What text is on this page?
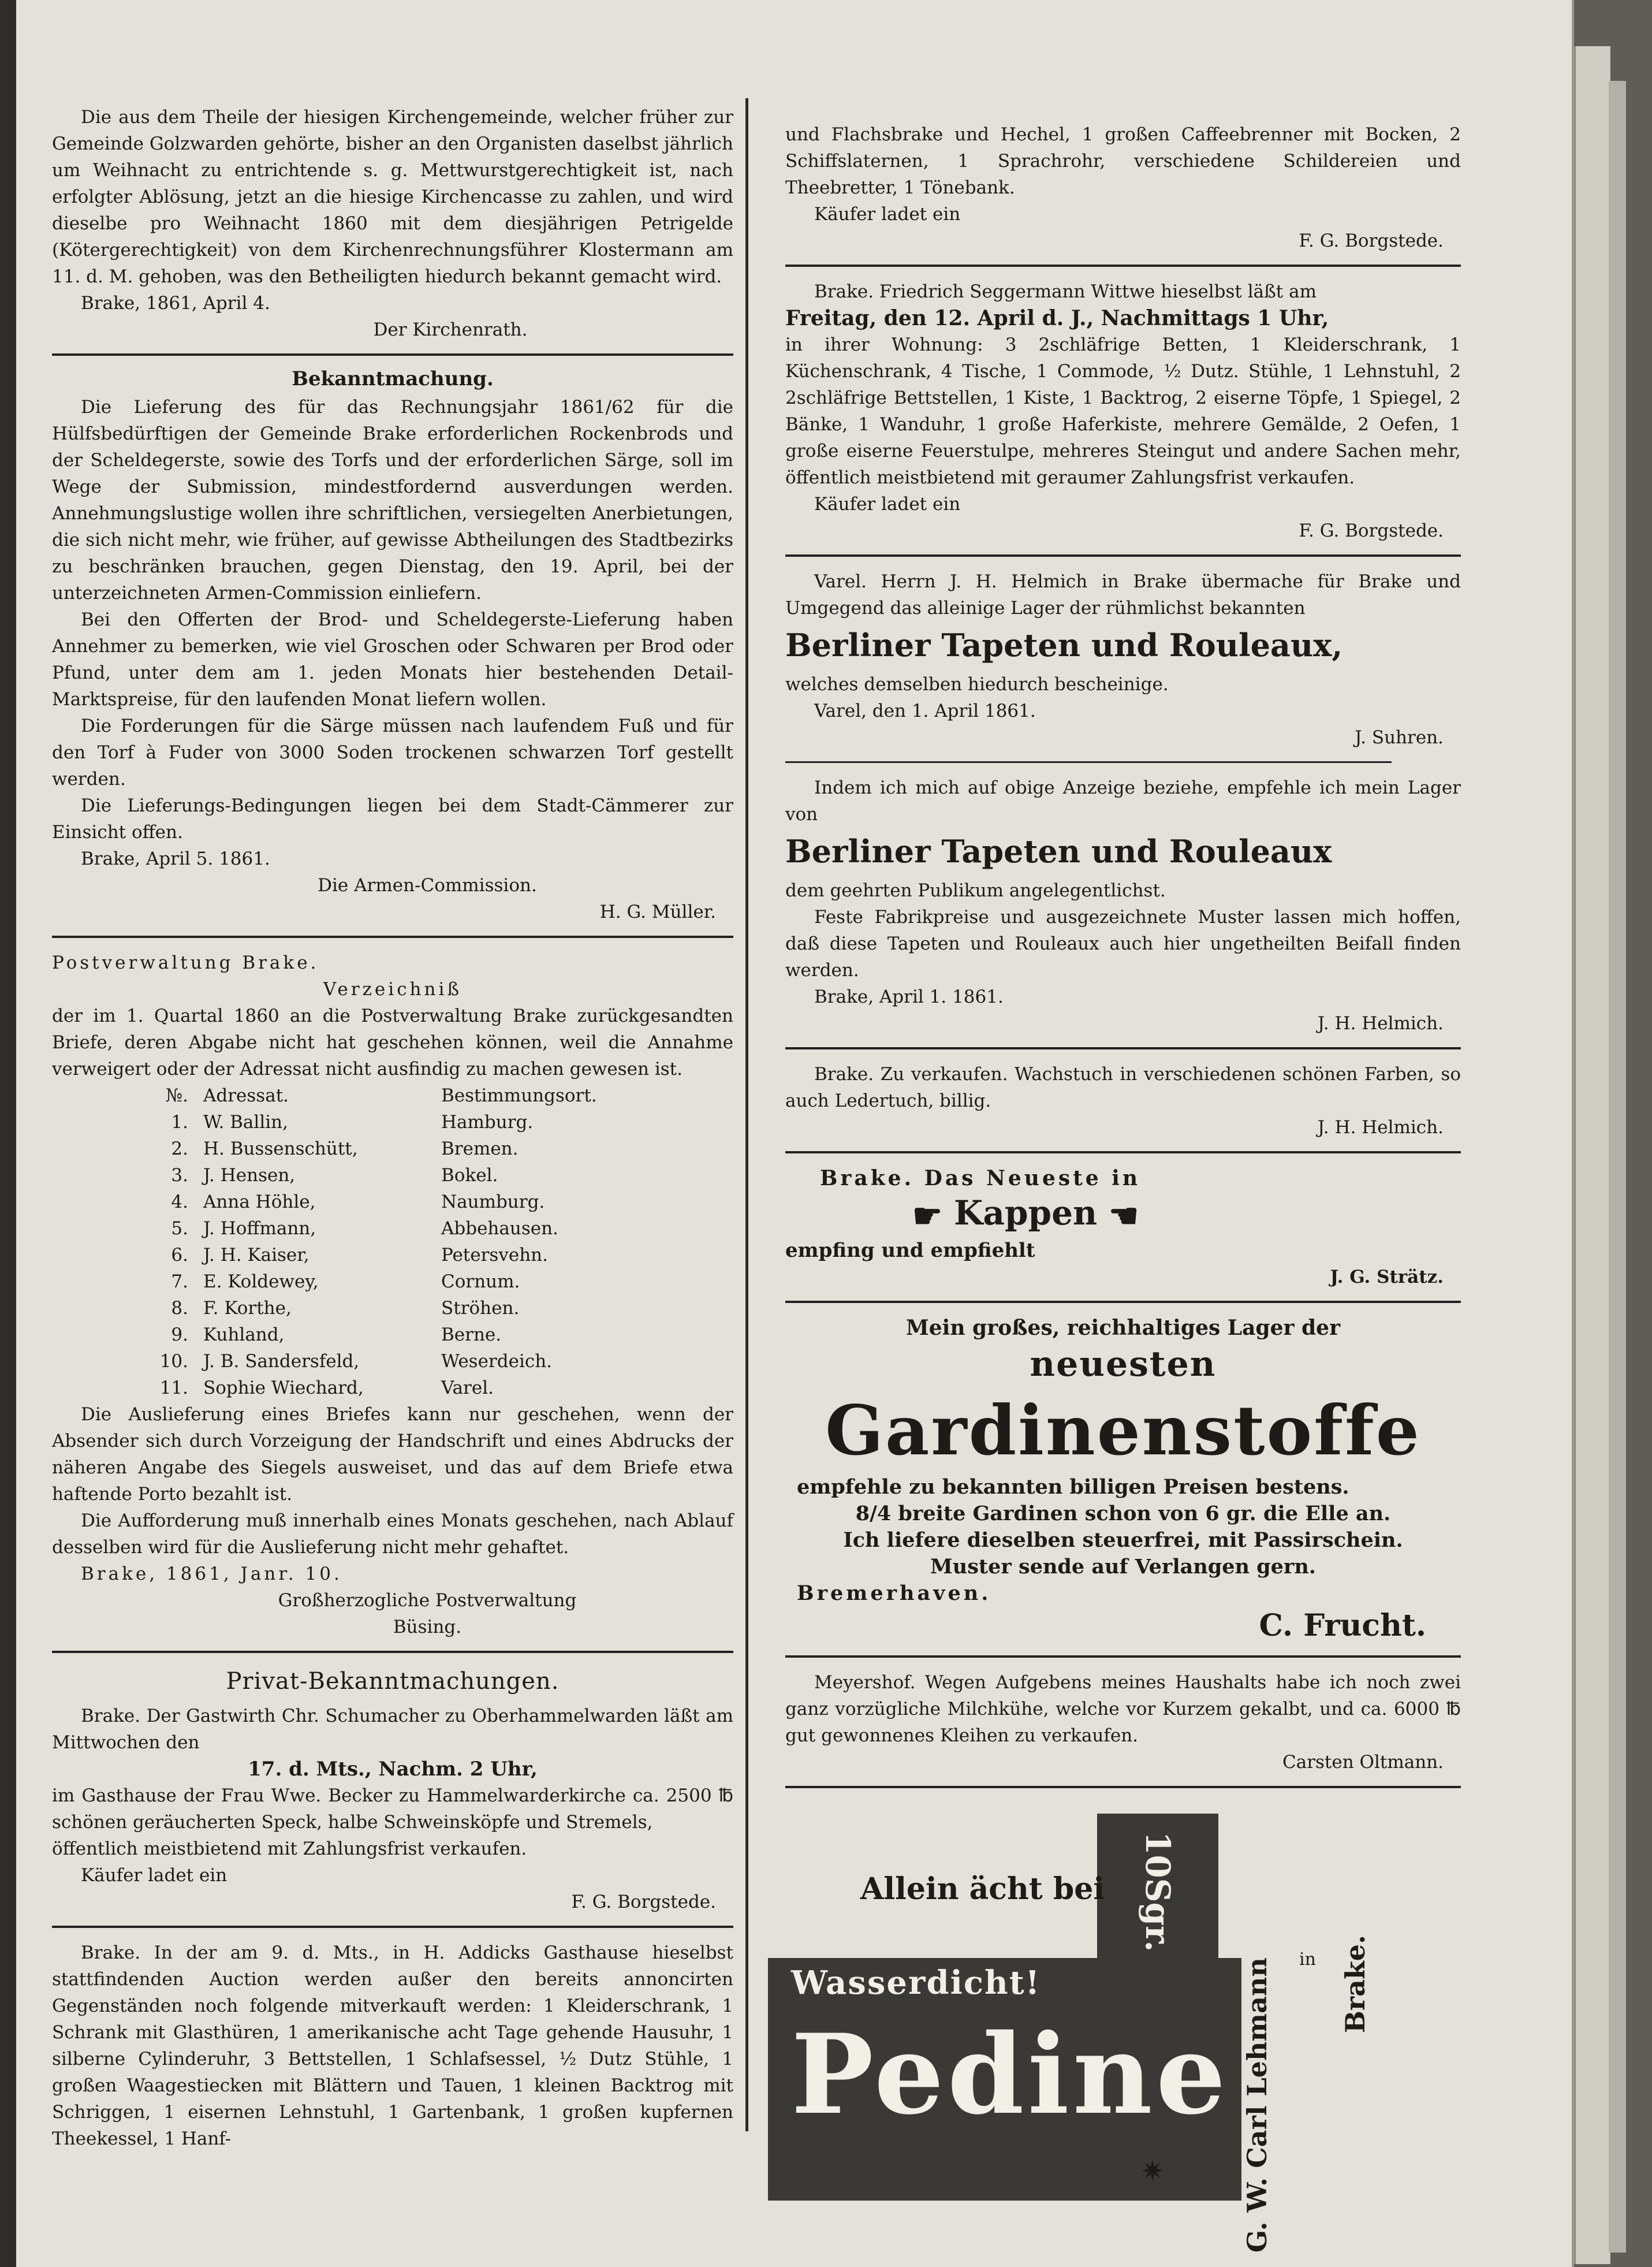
Die aus dem Theile der hiesigen Kirchengemeinde, welcher früher zur Gemeinde Golzwarden gehörte, bisher an den Organisten daselbst jährlich um Weihnacht zu entrichtende s. g. Mettwurstgerechtigkeit ist, nach erfolgter Ablösung, jetzt an die hiesige Kirchencasse zu zahlen, und wird dieselbe pro Weihnacht 1860 mit dem diesjährigen Petrigelde (Kötergerechtigkeit) von dem Kirchenrechnungsführer Klostermann am 11. d. M. gehoben, was den Betheiligten hiedurch bekannt gemacht wird.

Brake, 1861, April 4.

Der Kirchenrath.

Bekanntmachung.

Die Lieferung des für das Rechnungsjahr 1861/62 für die Hülfsbedürftigen der Gemeinde Brake erforderlichen Rockenbrods und der Scheldegerste, sowie des Torfs und der erforderlichen Särge, soll im Wege der Submission, mindestfordernd ausverdungen werden. Annehmungslustige wollen ihre schriftlichen, versiegelten Anerbietungen, die sich nicht mehr, wie früher, auf gewisse Abtheilungen des Stadtbezirks zu beschränken brauchen, gegen Dienstag, den 19. April, bei der unterzeichneten Armen-Commission einliefern.

Bei den Offerten der Brod- und Scheldegerste-Lieferung haben Annehmer zu bemerken, wie viel Groschen oder Schwaren per Brod oder Pfund, unter dem am 1. jeden Monats hier bestehenden Detail-Marktspreise, für den laufenden Monat liefern wollen.

Die Forderungen für die Särge müssen nach laufendem Fuß und für den Torf à Fuder von 3000 Soden trockenen schwarzen Torf gestellt werden.

Die Lieferungs-Bedingungen liegen bei dem Stadt-Cämmerer zur Einsicht offen.

Brake, April 5. 1861.

Die Armen-Commission.

H. G. Müller.

Postverwaltung Brake.

Verzeichniß

der im 1. Quartal 1860 an die Postverwaltung Brake zurückgesandten Briefe, deren Abgabe nicht hat geschehen können, weil die Annahme verweigert oder der Adressat nicht ausfindig zu machen gewesen ist.

№.	Adressat.	Bestimmungsort.
1.	W. Ballin,	Hamburg.
2.	H. Bussenschütt,	Bremen.
3.	J. Hensen,	Bokel.
4.	Anna Höhle,	Naumburg.
5.	J. Hoffmann,	Abbehausen.
6.	J. H. Kaiser,	Petersvehn.
7.	E. Koldewey,	Cornum.
8.	F. Korthe,	Ströhen.
9.	Kuhland,	Berne.
10.	J. B. Sandersfeld,	Weserdeich.
11.	Sophie Wiechard,	Varel.

Die Auslieferung eines Briefes kann nur geschehen, wenn der Absender sich durch Vorzeigung der Handschrift und eines Abdrucks der näheren Angabe des Siegels ausweiset, und das auf dem Briefe etwa haftende Porto bezahlt ist.

Die Aufforderung muß innerhalb eines Monats geschehen, nach Ablauf desselben wird für die Auslieferung nicht mehr gehaftet.

Brake, 1861, Janr. 10.

Großherzogliche Postverwaltung

Büsing.

Privat-Bekanntmachungen.

Brake. Der Gastwirth Chr. Schumacher zu Oberhammelwarden läßt am Mittwochen den

17. d. Mts., Nachm. 2 Uhr,

im Gasthause der Frau Wwe. Becker zu Hammelwarderkirche ca. 2500 ℔ schönen geräucherten Speck, halbe Schweinsköpfe und Stremels,

öffentlich meistbietend mit Zahlungsfrist verkaufen.

Käufer ladet ein

F. G. Borgstede.

Brake. In der am 9. d. Mts., in H. Addicks Gasthause hieselbst stattfindenden Auction werden außer den bereits annoncirten Gegenständen noch folgende mitverkauft werden: 1 Kleiderschrank, 1 Schrank mit Glasthüren, 1 amerikanische acht Tage gehende Hausuhr, 1 silberne Cylinderuhr, 3 Bettstellen, 1 Schlafsessel, ½ Dutz Stühle, 1 großen Waagestiecken mit Blättern und Tauen, 1 kleinen Backtrog mit Schriggen, 1 eisernen Lehnstuhl, 1 Gartenbank, 1 großen kupfernen Theekessel, 1 Hanf-

und Flachsbrake und Hechel, 1 großen Caffeebrenner mit Bocken, 2 Schiffslaternen, 1 Sprachrohr, verschiedene Schildereien und Theebretter, 1 Tönebank.

Käufer ladet ein

F. G. Borgstede.

Brake. Friedrich Seggermann Wittwe hieselbst läßt am

Freitag, den 12. April d. J., Nachmittags 1 Uhr,

in ihrer Wohnung: 3 2schläfrige Betten, 1 Kleiderschrank, 1 Küchenschrank, 4 Tische, 1 Commode, ½ Dutz. Stühle, 1 Lehnstuhl, 2 2schläfrige Bettstellen, 1 Kiste, 1 Backtrog, 2 eiserne Töpfe, 1 Spiegel, 2 Bänke, 1 Wanduhr, 1 große Haferkiste, mehrere Gemälde, 2 Oefen, 1 große eiserne Feuerstulpe, mehreres Steingut und andere Sachen mehr, öffentlich meistbietend mit geraumer Zahlungsfrist verkaufen.

Käufer ladet ein

F. G. Borgstede.

Varel. Herrn J. H. Helmich in Brake übermache für Brake und Umgegend das alleinige Lager der rühmlichst bekannten

Berliner Tapeten und Rouleaux,

welches demselben hiedurch bescheinige.

Varel, den 1. April 1861.

J. Suhren.

Indem ich mich auf obige Anzeige beziehe, empfehle ich mein Lager von

Berliner Tapeten und Rouleaux

dem geehrten Publikum angelegentlichst.

Feste Fabrikpreise und ausgezeichnete Muster lassen mich hoffen, daß diese Tapeten und Rouleaux auch hier ungetheilten Beifall finden werden.

Brake, April 1. 1861.

J. H. Helmich.

Brake. Zu verkaufen. Wachstuch in verschiedenen schönen Farben, so auch Ledertuch, billig.

J. H. Helmich.

Brake. Das Neueste in

☛ Kappen ☚

empfing und empfiehlt

J. G. Strätz.

Mein großes, reichhaltiges Lager der

neuesten
Gardinenstoffe

empfehle zu bekannten billigen Preisen bestens.

8/4 breite Gardinen schon von 6 gr. die Elle an.

Ich liefere dieselben steuerfrei, mit Passirschein.

Muster sende auf Verlangen gern.

Bremerhaven.

C. Frucht.

Meyershof. Wegen Aufgebens meines Haushalts habe ich noch zwei ganz vorzügliche Milchkühe, welche vor Kurzem gekalbt, und ca. 6000 ℔ gut gewonnenes Kleihen zu verkaufen.

Carsten Oltmann.

10Sgr.
Allein ächt bei
Wasserdicht!
Pedine
✷	G. W. Carl Lehmann in Brake.
